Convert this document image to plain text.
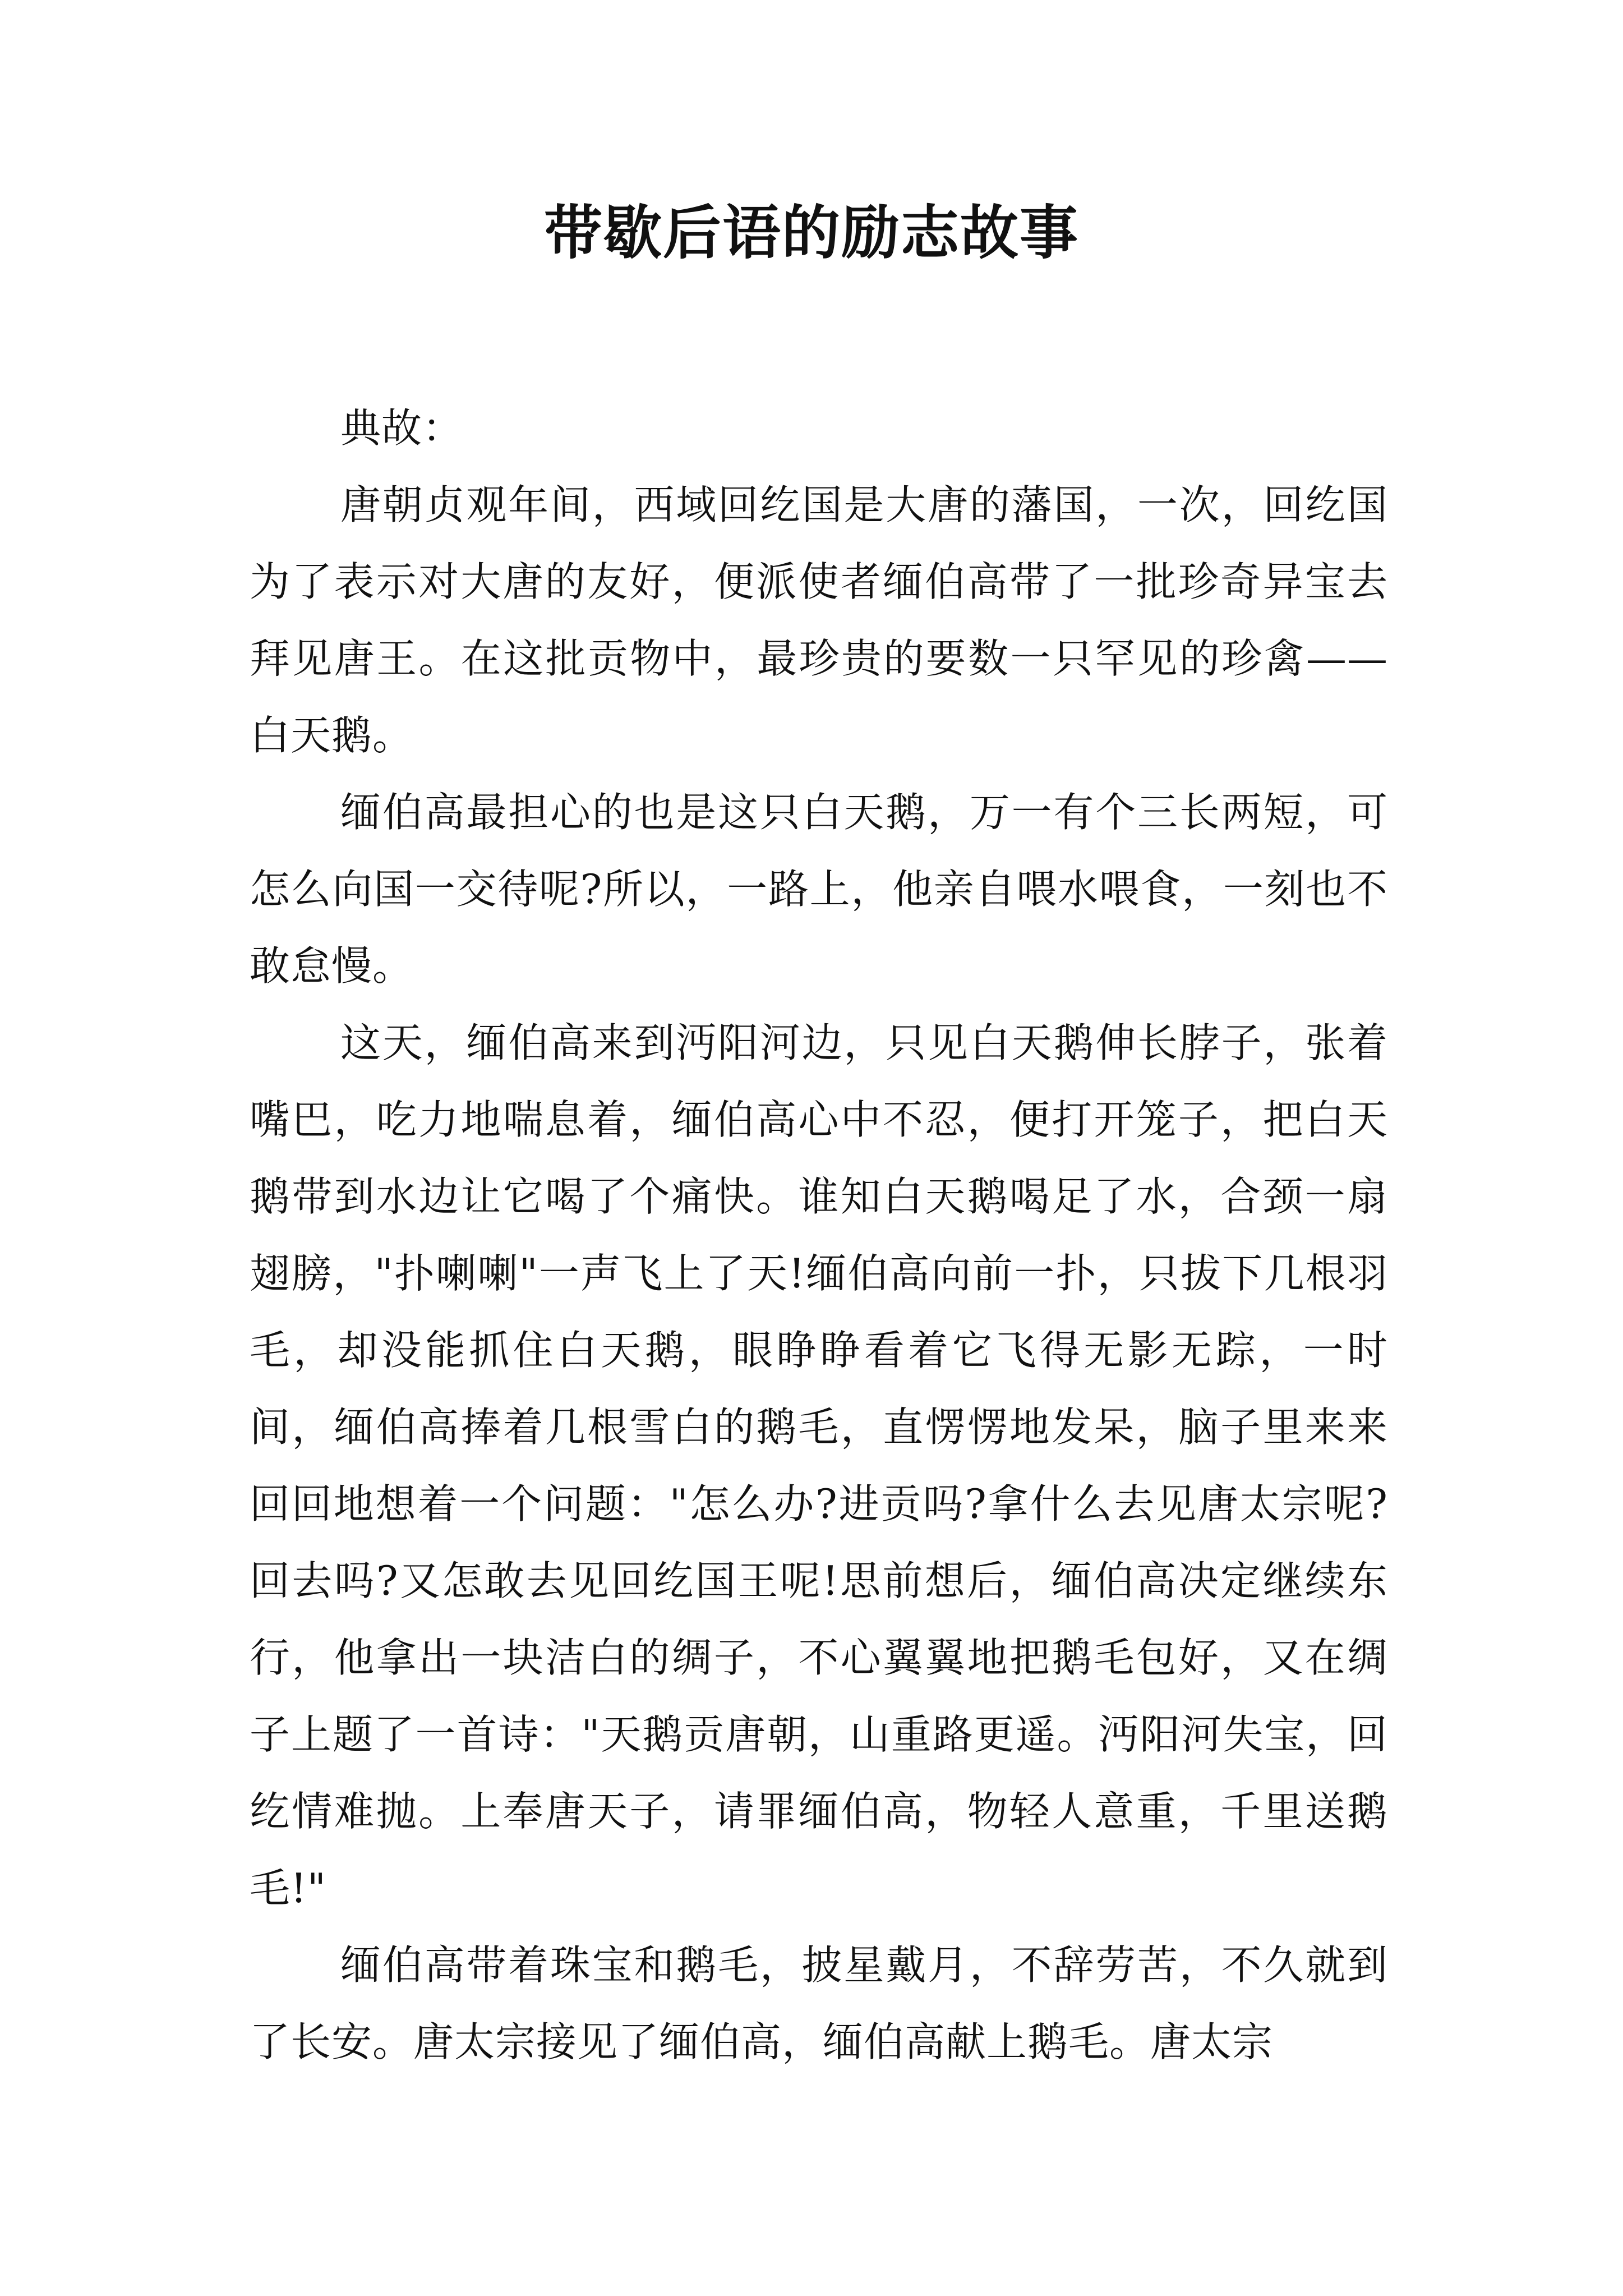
带歇后语的励志故事

典故：

唐朝贞观年间，西域回纥国是大唐的藩国，一次，回纥国为了表示对大唐的友好，便派使者缅伯高带了一批珍奇异宝去拜见唐王。在这批贡物中，最珍贵的要数一只罕见的珍禽——白天鹅。

缅伯高最担心的也是这只白天鹅，万一有个三长两短，可怎么向国一交待呢?所以，一路上，他亲自喂水喂食，一刻也不敢怠慢。

这天，缅伯高来到沔阳河边，只见白天鹅伸长脖子，张着嘴巴，吃力地喘息着，缅伯高心中不忍，便打开笼子，把白天鹅带到水边让它喝了个痛快。谁知白天鹅喝足了水，合颈一扇翅膀，"扑喇喇"一声飞上了天!缅伯高向前一扑，只拔下几根羽毛，却没能抓住白天鹅，眼睁睁看着它飞得无影无踪，一时间，缅伯高捧着几根雪白的鹅毛，直愣愣地发呆，脑子里来来回回地想着一个问题："怎么办?进贡吗?拿什么去见唐太宗呢?回去吗?又怎敢去见回纥国王呢!思前想后，缅伯高决定继续东行，他拿出一块洁白的绸子，不心翼翼地把鹅毛包好，又在绸子上题了一首诗："天鹅贡唐朝，山重路更遥。沔阳河失宝，回纥情难抛。上奉唐天子，请罪缅伯高，物轻人意重，千里送鹅毛!"

缅伯高带着珠宝和鹅毛，披星戴月，不辞劳苦，不久就到了长安。唐太宗接见了缅伯高，缅伯高献上鹅毛。唐太宗
